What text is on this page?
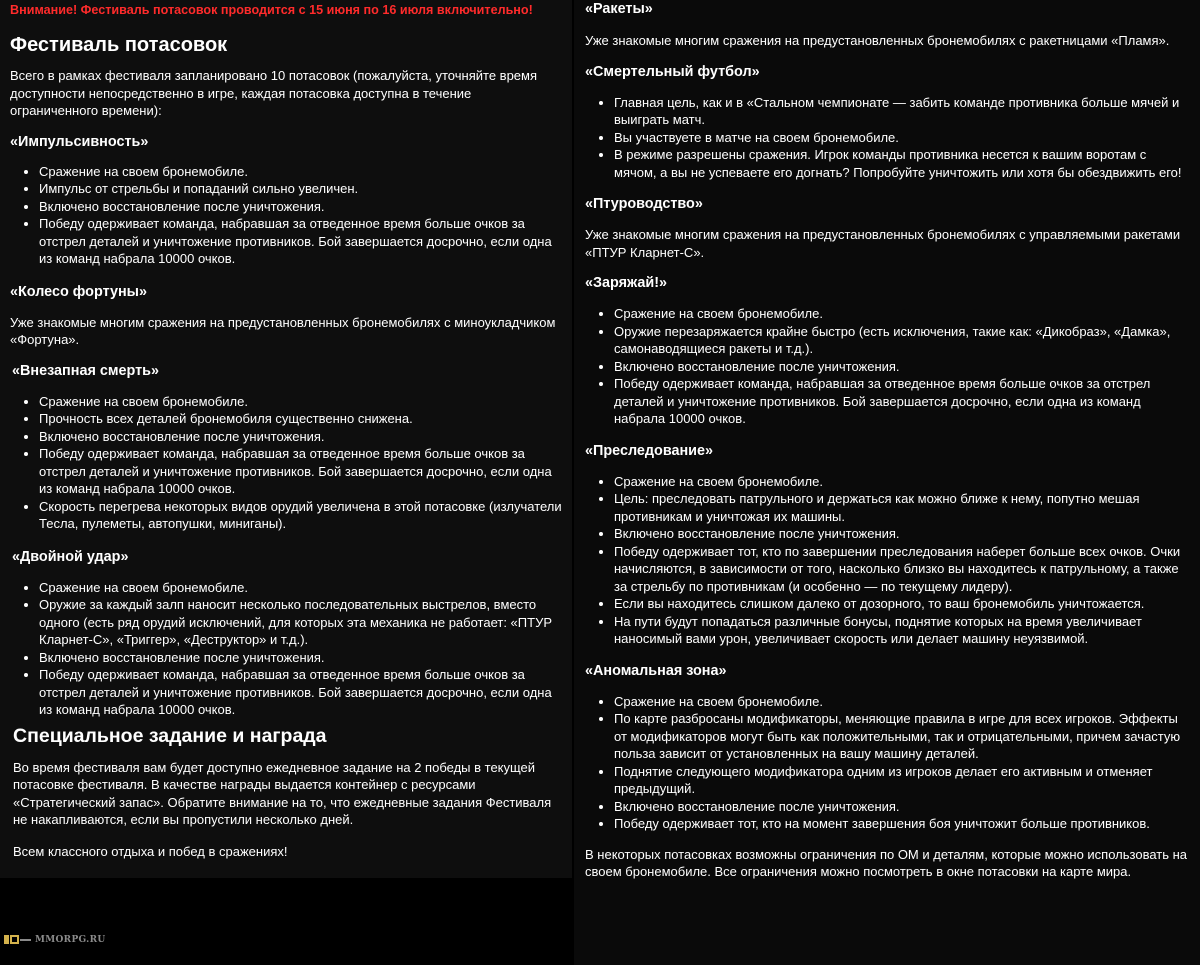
Внимание! Фестиваль потасовок проводится с 15 июня по 16 июля включительно!
Фестиваль потасовок

Всего в рамках фестиваля запланировано 10 потасовок (пожалуйста, уточняйте время доступности непосредственно в игре, каждая потасовка доступна в течение ограниченного времени):

«Импульсивность»
• Сражение на своем бронемобиле.
• Импульс от стрельбы и попаданий сильно увеличен.
• Включено восстановление после уничтожения.
• Победу одерживает команда, набравшая за отведенное время больше очков за отстрел деталей и уничтожение противников. Бой завершается досрочно, если одна из команд набрала 10000 очков.
«Колесо фортуны»

Уже знакомые многим сражения на предустановленных бронемобилях с миноукладчиком «Фортуна».

«Внезапная смерть»
• Сражение на своем бронемобиле.
• Прочность всех деталей бронемобиля существенно снижена.
• Включено восстановление после уничтожения.
• Победу одерживает команда, набравшая за отведенное время больше очков за отстрел деталей и уничтожение противников. Бой завершается досрочно, если одна из команд набрала 10000 очков.
• Скорость перегрева некоторых видов орудий увеличена в этой потасовке (излучатели Тесла, пулеметы, автопушки, миниганы).
«Двойной удар»
• Сражение на своем бронемобиле.
• Оружие за каждый залп наносит несколько последовательных выстрелов, вместо одного (есть ряд орудий исключений, для которых эта механика не работает: «ПТУР Кларнет-С», «Триггер», «Деструктор» и т.д.).
• Включено восстановление после уничтожения.
• Победу одерживает команда, набравшая за отведенное время больше очков за отстрел деталей и уничтожение противников. Бой завершается досрочно, если одна из команд набрала 10000 очков.
Специальное задание и награда

Во время фестиваля вам будет доступно ежедневное задание на 2 победы в текущей потасовке фестиваля. В качестве награды выдается контейнер с ресурсами «Стратегический запас». Обратите внимание на то, что ежедневные задания Фестиваля не накапливаются, если вы пропустили несколько дней.

Всем классного отдыха и побед в сражениях!

«Ракеты»

Уже знакомые многим сражения на предустановленных бронемобилях с ракетницами «Пламя».

«Смертельный футбол»
• Главная цель, как и в «Стальном чемпионате — забить команде противника больше мячей и выиграть матч.
• Вы участвуете в матче на своем бронемобиле.
• В режиме разрешены сражения. Игрок команды противника несется к вашим воротам с мячом, а вы не успеваете его догнать? Попробуйте уничтожить или хотя бы обездвижить его!
«Птуроводство»

Уже знакомые многим сражения на предустановленных бронемобилях с управляемыми ракетами «ПТУР Кларнет-С».

«Заряжай!»
• Сражение на своем бронемобиле.
• Оружие перезаряжается крайне быстро (есть исключения, такие как: «Дикобраз», «Дамка», самонаводящиеся ракеты и т.д.).
• Включено восстановление после уничтожения.
• Победу одерживает команда, набравшая за отведенное время больше очков за отстрел деталей и уничтожение противников. Бой завершается досрочно, если одна из команд набрала 10000 очков.
«Преследование»
• Сражение на своем бронемобиле.
• Цель: преследовать патрульного и держаться как можно ближе к нему, попутно мешая противникам и уничтожая их машины.
• Включено восстановление после уничтожения.
• Победу одерживает тот, кто по завершении преследования наберет больше всех очков. Очки начисляются, в зависимости от того, насколько близко вы находитесь к патрульному, а также за стрельбу по противникам (и особенно — по текущему лидеру).
• Если вы находитесь слишком далеко от дозорного, то ваш бронемобиль уничтожается.
• На пути будут попадаться различные бонусы, поднятие которых на время увеличивает наносимый вами урон, увеличивает скорость или делает машину неуязвимой.
«Аномальная зона»
• Сражение на своем бронемобиле.
• По карте разбросаны модификаторы, меняющие правила в игре для всех игроков. Эффекты от модификаторов могут быть как положительными, так и отрицательными, причем зачастую польза зависит от установленных на вашу машину деталей.
• Поднятие следующего модификатора одним из игроков делает его активным и отменяет предыдущий.
• Включено восстановление после уничтожения.
• Победу одерживает тот, кто на момент завершения боя уничтожит больше противников.

В некоторых потасовках возможны ограничения по ОМ и деталям, которые можно использовать на своем бронемобиле. Все ограничения можно посмотреть в окне потасовки на карте мира.

MMORPG.RU
